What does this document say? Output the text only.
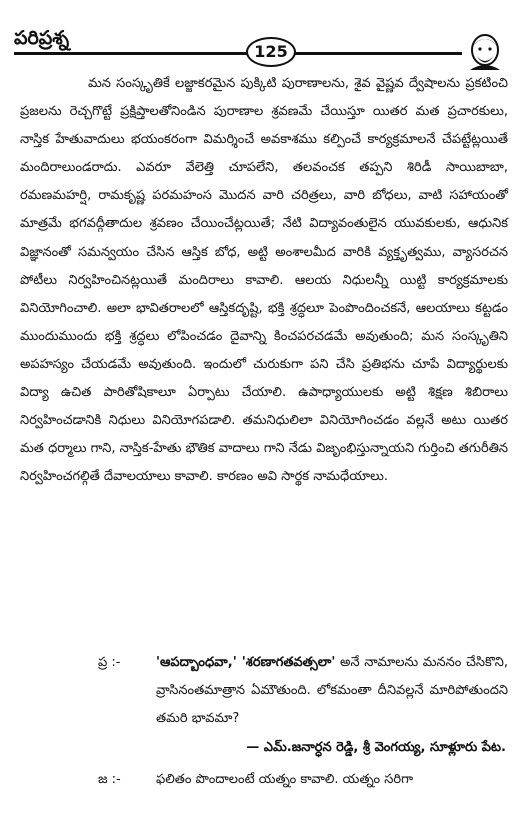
పరిప్రశ్న
125

మన సంస్కృతికే లజ్జాకరమైన పుక్కిటి పురాణాలను, శైవ వైష్ణవ ద్వేషాలను ప్రకటించి ప్రజలను రెచ్చగొట్టే ప్రక్షిప్తాలతోనిండిన పురాణాల శ్రవణమే చేయిస్తూ యితర మత ప్రచారకులు, నాస్తిక హేతువాదులు భయంకరంగా విమర్శించే అవకాశము కల్పించే కార్యక్రమాలనే చేపట్టేట్లయితే మందిరాలుండరాదు. ఎవరూ వేలెత్తి చూపలేని, తలవంచక తప్పని శిరిడీ సాయిబాబా, రమణమహర్షి, రామకృష్ణ పరమహంస మొదన వారి చరిత్రలు, వారి బోధలు, వాటి సహాయంతో మాత్రమే భగవద్గీతాదుల శ్రవణం చేయించేట్లయితే; నేటి విద్యావంతులైన యువకులకు, ఆధునిక విజ్ఞానంతో సమన్వయం చేసిన ఆస్తిక బోధ, అట్టి అంశాలమీద వారికి వ్యక్తృత్వము, వ్యాసరచన పోటీలు నిర్వహించినట్లయితే మందిరాలు కావాలి. ఆలయ నిధులన్నీ యిట్టి కార్యక్రమాలకు వినియోగించాలి. అలా భావితరాలలో ఆస్తికదృష్టి, భక్తి శ్రద్ధలూ పెంపొందించకనే, ఆలయాలు కట్టడం ముందుముందు భక్తి శ్రద్ధలు లోపించడం దైవాన్ని కించపరచడమే అవుతుంది; మన సంస్కృతిని అపహస్యం చేయడమే అవుతుంది. ఇందులో చురుకుగా పని చేసి ప్రతిభను చూపే విద్యార్థులకు విద్యా ఉచిత పారితోషికాలూ ఏర్పాటు చేయాలి. ఉపాధ్యాయులకు అట్టి శిక్షణ శిబిరాలు నిర్వహించడానికి నిధులు వినియోగపడాలి. తమనిధులిలా వినియోగించడం వల్లనే అటు యితర మత ధర్మాలు గాని, నాస్తిక-హేతు భౌతిక వాదాలు గాని నేడు విజృంభిస్తున్నాయని గుర్తించి తగురీతిన నిర్వహించగల్గితే దేవాలయాలు కావాలి. కారణం అవి సార్థక నామధేయాలు.

ప్ర :-	'ఆపద్బాంధవా,' 'శరణాగతవత్సలా' అనే నామాలను మననం చేసికొని, వ్రాసినంతమాత్రాన ఏమౌతుంది. లోకమంతా దీనివల్లనే మారిపోతుందని తమరి భావమా?
— ఎమ్.జనార్ధన రెడ్డి, శ్రీ వెంగయ్య, సూళ్లూరు పేట.
జ :-	ఫలితం పొందాలంటే యత్నం కావాలి. యత్నం సరిగా
